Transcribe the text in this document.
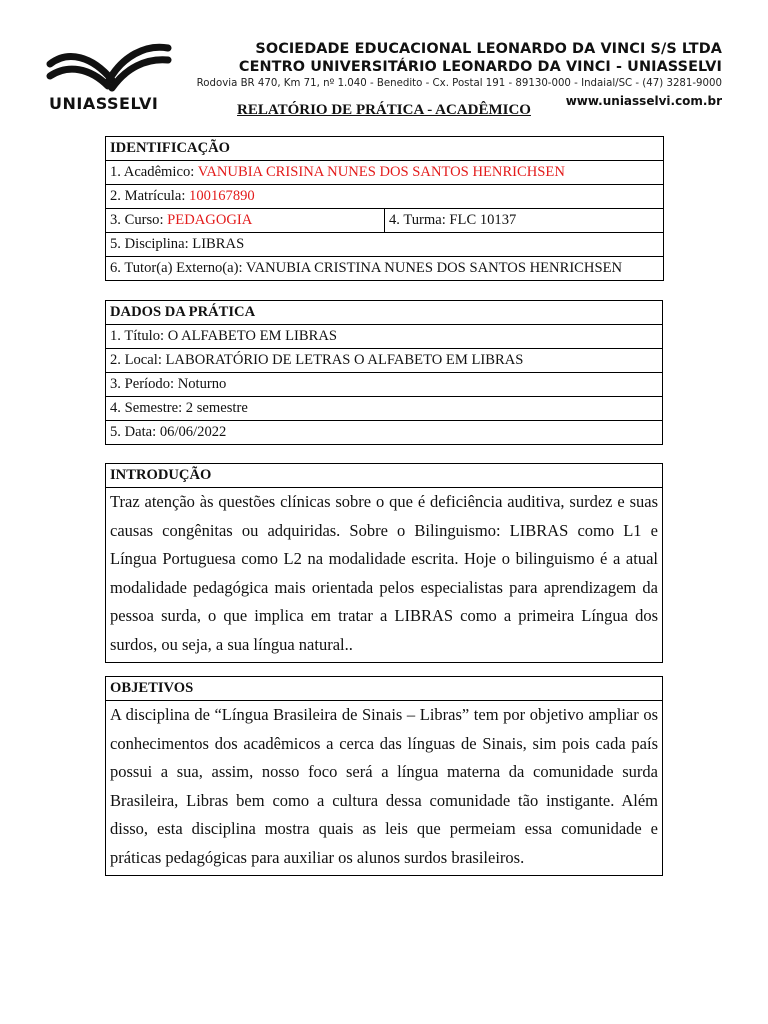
UNIASSELVI
SOCIEDADE EDUCACIONAL LEONARDO DA VINCI S/S LTDA
CENTRO UNIVERSITÁRIO LEONARDO DA VINCI - UNIASSELVI
Rodovia BR 470, Km 71, nº 1.040 - Benedito - Cx. Postal 191 - 89130-000 - Indaial/SC - (47) 3281-9000
www.uniasselvi.com.br
RELATÓRIO DE PRÁTICA - ACADÊMICO
IDENTIFICAÇÃO
1. Acadêmico: VANUBIA CRISINA NUNES DOS SANTOS HENRICHSEN
2. Matrícula: 100167890
3. Curso: PEDAGOGIA	4. Turma: FLC 10137
5. Disciplina: LIBRAS
6. Tutor(a) Externo(a): VANUBIA CRISTINA NUNES DOS SANTOS HENRICHSEN
DADOS DA PRÁTICA
1. Título: O ALFABETO EM LIBRAS
2. Local: LABORATÓRIO DE LETRAS O ALFABETO EM LIBRAS
3. Período: Noturno
4. Semestre: 2 semestre
5. Data: 06/06/2022
INTRODUÇÃO
Traz atenção às questões clínicas sobre o que é deficiência auditiva, surdez e suas causas congênitas ou adquiridas. Sobre o Bilinguismo: LIBRAS como L1 e Língua Portuguesa como L2 na modalidade escrita. Hoje o bilinguismo é a atual modalidade pedagógica mais orientada pelos especialistas para aprendizagem da pessoa surda, o que implica em tratar a LIBRAS como a primeira Língua dos surdos, ou seja, a sua língua natural..
OBJETIVOS
A disciplina de “Língua Brasileira de Sinais – Libras” tem por objetivo ampliar os conhecimentos dos acadêmicos a cerca das línguas de Sinais, sim pois cada país possui a sua, assim, nosso foco será a língua materna da comunidade surda Brasileira, Libras bem como a cultura dessa comunidade tão instigante. Além disso, esta disciplina mostra quais as leis que permeiam essa comunidade e práticas pedagógicas para auxiliar os alunos surdos brasileiros.
